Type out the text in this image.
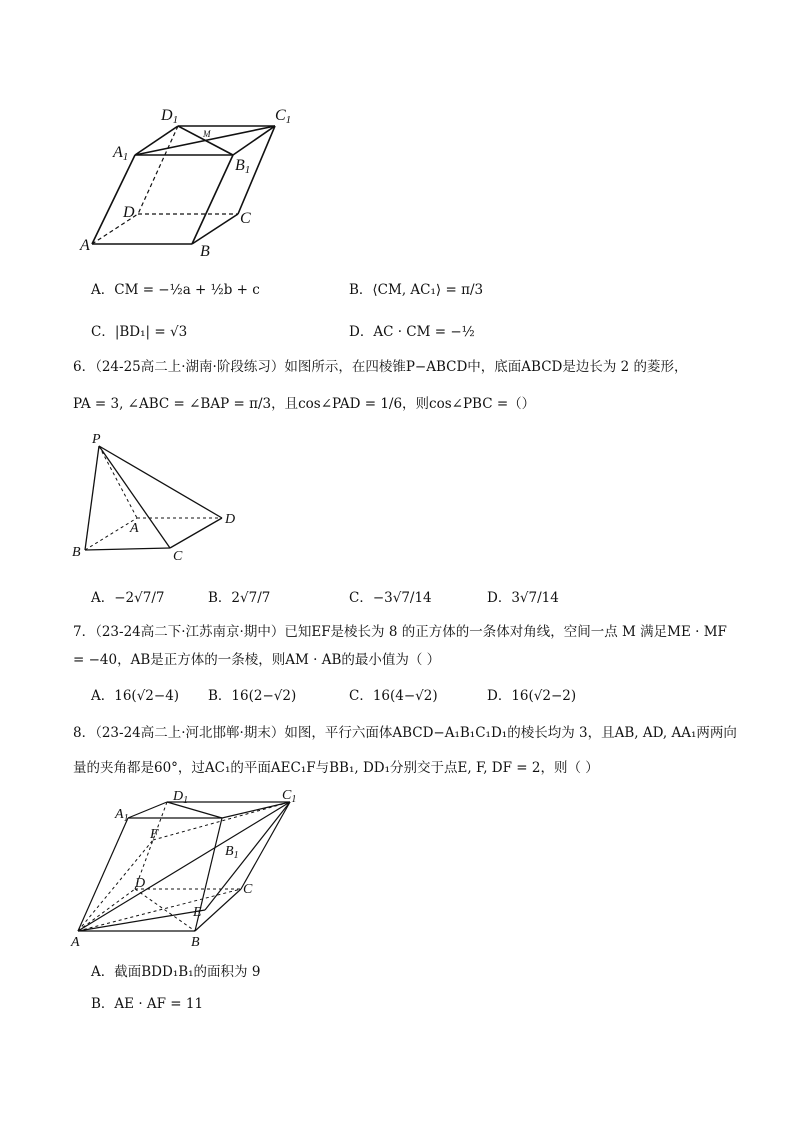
D1	C1
M
A1	B1
D	C
A	B
A．CM = −½a + ½b + c	B．⟨CM, AC₁⟩ = π/3
C．|BD₁| = √3	D．AC · CM = −½
6．（24-25高二上·湖南·阶段练习）如图所示，在四棱锥P−ABCD中，底面ABCD是边长为 2 的菱形，
PA = 3, ∠ABC = ∠BAP = π/3，且cos∠PAD = 1/6，则cos∠PBC =（）
P
A
B	C
D
A．−2√7/7	B．2√7/7	C．−3√7/14	D．3√7/14
7．（23-24高二下·江苏南京·期中）已知EF是棱长为 8 的正方体的一条体对角线，空间一点 M 满足ME · MF
= −40，AB是正方体的一条棱，则AM · AB的最小值为（ ）
A．16(√2−4) B．16(2−√2)	C．16(4−√2)	D．16(√2−2)
8．（23-24高二上·河北邯郸·期末）如图，平行六面体ABCD−A₁B₁C₁D₁的棱长均为 3，且AB, AD, AA₁两两向
量的夹角都是60°，过AC₁的平面AEC₁F与BB₁, DD₁分别交于点E, F, DF = 2，则（ ）
$D_1$	$C_1$
$A_1$
F
$B_1$
D	C
E
A	B
A．截面BDD₁B₁的面积为 9
B．AE · AF = 11
